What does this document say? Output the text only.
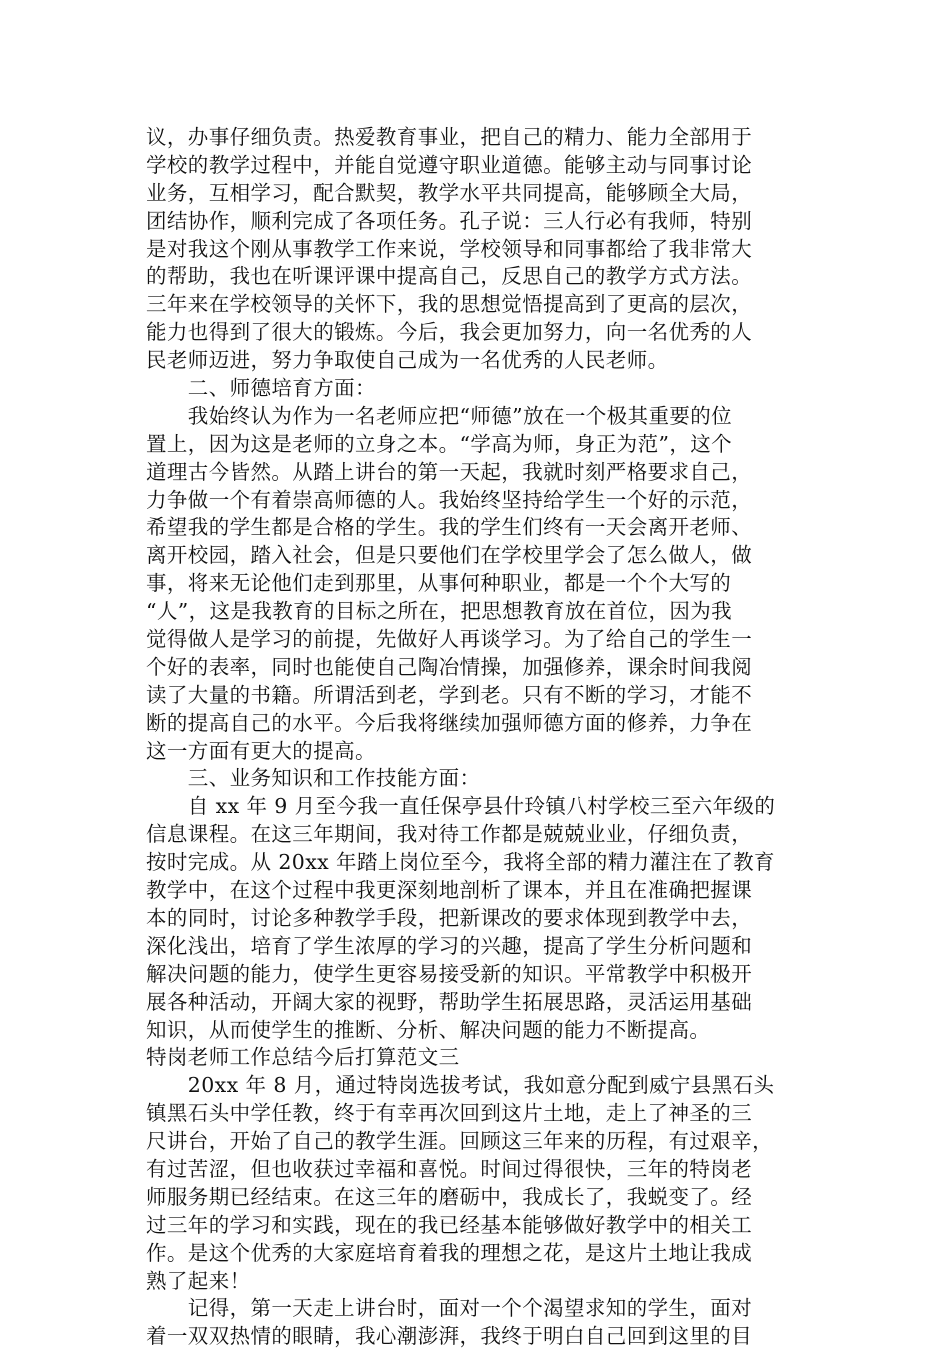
议，办事仔细负责。热爱教育事业，把自己的精力、能力全部用于
学校的教学过程中，并能自觉遵守职业道德。能够主动与同事讨论
业务，互相学习，配合默契，教学水平共同提高，能够顾全大局，
团结协作，顺利完成了各项任务。孔子说：三人行必有我师，特别
是对我这个刚从事教学工作来说，学校领导和同事都给了我非常大
的帮助，我也在听课评课中提高自己，反思自己的教学方式方法。
三年来在学校领导的关怀下，我的思想觉悟提高到了更高的层次，
能力也得到了很大的锻炼。今后，我会更加努力，向一名优秀的人
民老师迈进，努力争取使自己成为一名优秀的人民老师。
　　二、师德培育方面：
　　我始终认为作为一名老师应把“师德”放在一个极其重要的位
置上，因为这是老师的立身之本。“学高为师，身正为范”，这个
道理古今皆然。从踏上讲台的第一天起，我就时刻严格要求自己，
力争做一个有着崇高师德的人。我始终坚持给学生一个好的示范，
希望我的学生都是合格的学生。我的学生们终有一天会离开老师、
离开校园，踏入社会，但是只要他们在学校里学会了怎么做人，做
事，将来无论他们走到那里，从事何种职业，都是一个个大写的
“人”，这是我教育的目标之所在，把思想教育放在首位，因为我
觉得做人是学习的前提，先做好人再谈学习。为了给自己的学生一
个好的表率，同时也能使自己陶冶情操，加强修养，课余时间我阅
读了大量的书籍。所谓活到老，学到老。只有不断的学习，才能不
断的提高自己的水平。今后我将继续加强师德方面的修养，力争在
这一方面有更大的提高。
　　三、业务知识和工作技能方面：
　　自 xx 年 9 月至今我一直任保亭县什玲镇八村学校三至六年级的
信息课程。在这三年期间，我对待工作都是兢兢业业，仔细负责，
按时完成。从 20xx 年踏上岗位至今，我将全部的精力灌注在了教育
教学中，在这个过程中我更深刻地剖析了课本，并且在准确把握课
本的同时，讨论多种教学手段，把新课改的要求体现到教学中去，
深化浅出，培育了学生浓厚的学习的兴趣，提高了学生分析问题和
解决问题的能力，使学生更容易接受新的知识。平常教学中积极开
展各种活动，开阔大家的视野，帮助学生拓展思路，灵活运用基础
知识，从而使学生的推断、分析、解决问题的能力不断提高。
特岗老师工作总结今后打算范文三
　　20xx 年 8 月，通过特岗选拔考试，我如意分配到威宁县黑石头
镇黑石头中学任教，终于有幸再次回到这片土地，走上了神圣的三
尺讲台，开始了自己的教学生涯。回顾这三年来的历程，有过艰辛，
有过苦涩，但也收获过幸福和喜悦。时间过得很快，三年的特岗老
师服务期已经结束。在这三年的磨砺中，我成长了，我蜕变了。经
过三年的学习和实践，现在的我已经基本能够做好教学中的相关工
作。是这个优秀的大家庭培育着我的理想之花，是这片土地让我成
熟了起来！
　　记得，第一天走上讲台时，面对一个个渴望求知的学生，面对
着一双双热情的眼睛，我心潮澎湃，我终于明白自己回到这里的目
